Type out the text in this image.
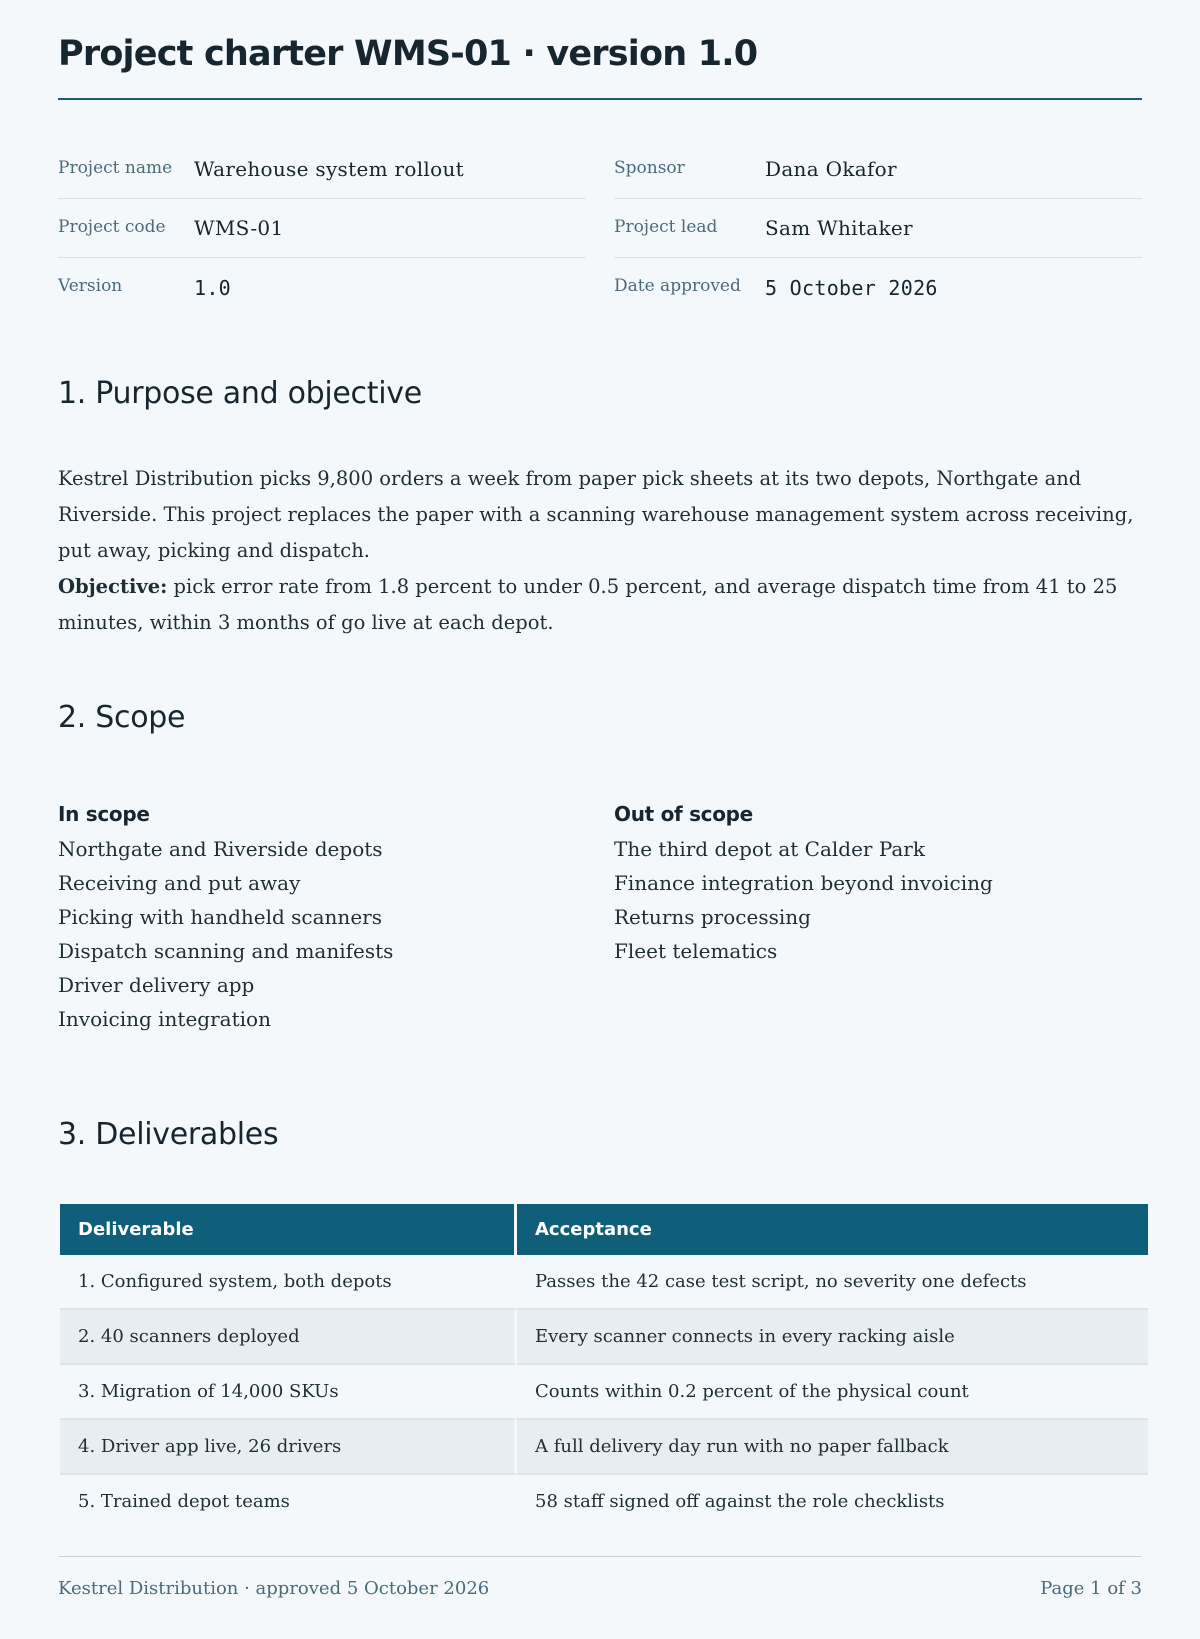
Project charter WMS-01 · version 1.0
Project name Warehouse system rollout
Project code WMS-01
Version	1.0
Sponsor	Dana Okafor
Project lead Sam Whitaker
Date approved 5 October 2026
1. Purpose and objective

Kestrel Distribution picks 9,800 orders a week from paper pick sheets at its two depots, Northgate and Riverside. This project replaces the paper with a scanning warehouse management system across receiving, put away, picking and dispatch.

Objective: pick error rate from 1.8 percent to under 0.5 percent, and average dispatch time from 41 to 25 minutes, within 3 months of go live at each depot.

2. Scope
In scope
Northgate and Riverside depots
Receiving and put away
Picking with handheld scanners
Dispatch scanning and manifests
Driver delivery app
Invoicing integration
Out of scope
The third depot at Calder Park
Finance integration beyond invoicing
Returns processing
Fleet telematics
3. Deliverables
Deliverable	Acceptance
1. Configured system, both depots	Passes the 42 case test script, no severity one defects
2. 40 scanners deployed	Every scanner connects in every racking aisle
3. Migration of 14,000 SKUs	Counts within 0.2 percent of the physical count
4. Driver app live, 26 drivers	A full delivery day run with no paper fallback
5. Trained depot teams	58 staff signed off against the role checklists
Kestrel Distribution · approved 5 October 2026	Page 1 of 3
